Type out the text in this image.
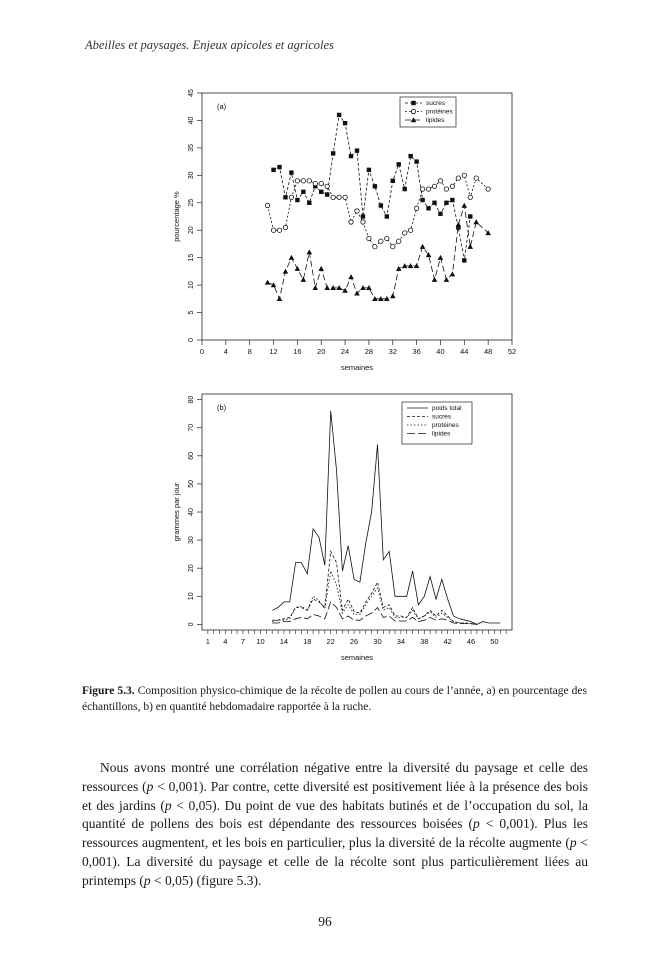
Abeilles et paysages. Enjeux apicoles et agricoles
0
5
10
15
20
25
30
35
40
45
0	4	8 12 16 20 24 28 32 36 40 44 48 52
semaines
pourcentage %
(a)	sucres
protéines
lipides
0
10
20
30
40
50
60
70
80
1 4 7 10 14 18 22 26 30 34 38 42 46 50
semaines
grammes par jour
(b)	poids total
sucres
protéines
lipides
Figure 5.3. Composition physico-chimique de la récolte de pollen au cours de l’année, a) en pourcentage des échantillons, b) en quantité hebdomadaire rapportée à la ruche.

Nous avons montré une corrélation négative entre la diversité du paysage et celle des ressources (p < 0,001). Par contre, cette diversité est positivement liée à la présence des bois et des jardins (p < 0,05). Du point de vue des habitats butinés et de l’occupation du sol, la quantité de pollens des bois est dépendante des ressources boisées (p < 0,001). Plus les ressources augmentent, et les bois en particulier, plus la diversité de la récolte augmente (p < 0,001). La diversité du paysage et celle de la récolte sont plus particulièrement liées au printemps (p < 0,05) (figure 5.3).

96
